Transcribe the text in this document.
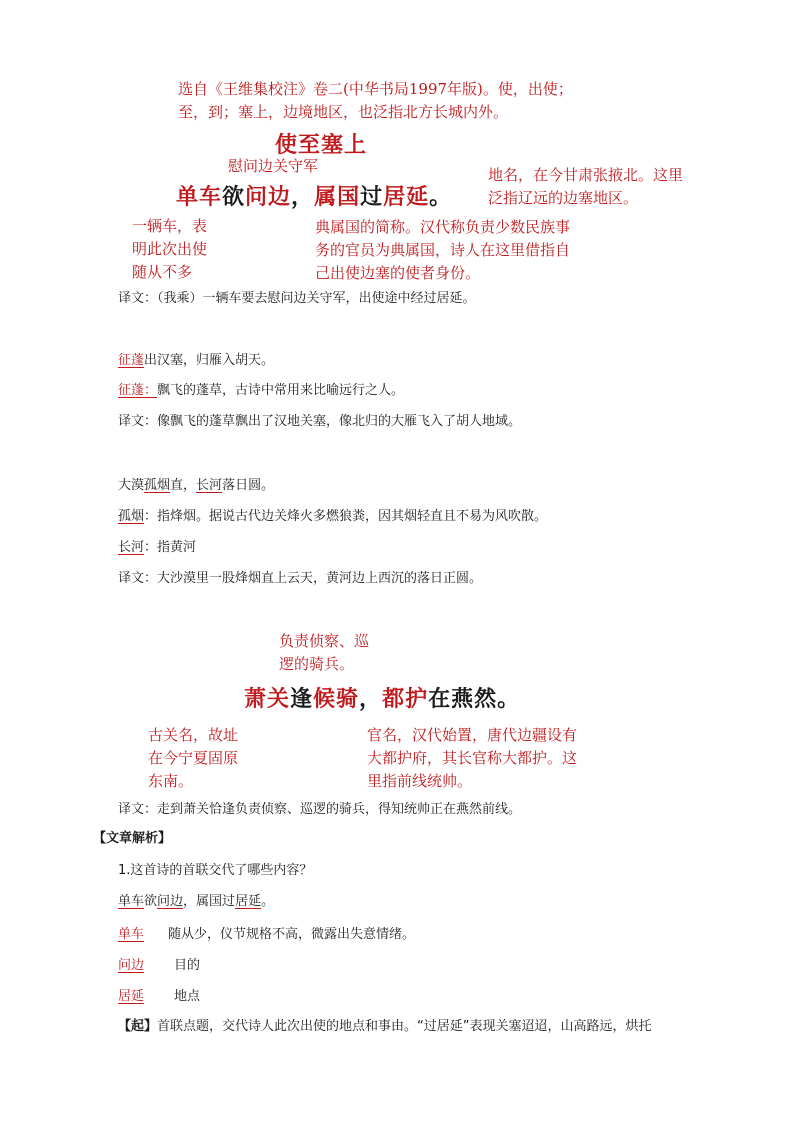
选自《王维集校注》卷二(中华书局1997年版)。使，出使；
至，到；塞上，边境地区，也泛指北方长城内外。
使至塞上
慰问边关守军	地名，在今甘肃张掖北。这里
泛指辽远的边塞地区。
单车欲问边，属国过居延。
一辆车，表
明此次出使
随从不多
典属国的简称。汉代称负责少数民族事
务的官员为典属国，诗人在这里借指自
己出使边塞的使者身份。
译文：（我乘）一辆车要去慰问边关守军，出使途中经过居延。
征蓬出汉塞，归雁入胡天。
征蓬：飘飞的蓬草，古诗中常用来比喻远行之人。
译文：像飘飞的蓬草飘出了汉地关塞，像北归的大雁飞入了胡人地域。
大漠孤烟直，长河落日圆。
孤烟：指烽烟。据说古代边关烽火多燃狼粪，因其烟轻直且不易为风吹散。
长河：指黄河
译文：大沙漠里一股烽烟直上云天，黄河边上西沉的落日正圆。
负责侦察、巡
逻的骑兵。
萧关逢候骑，都护在燕然。
古关名，故址
在今宁夏固原
东南。
官名，汉代始置，唐代边疆设有
大都护府，其长官称大都护。这
里指前线统帅。
译文：走到萧关恰逢负责侦察、巡逻的骑兵，得知统帅正在燕然前线。
【文章解析】
1.这首诗的首联交代了哪些内容？
单车欲问边，属国过居延。
单车 随从少，仪节规格不高，微露出失意情绪。
问边 目的
居延 地点
【起】首联点题，交代诗人此次出使的地点和事由。“过居延”表现关塞迢迢，山高路远，烘托
